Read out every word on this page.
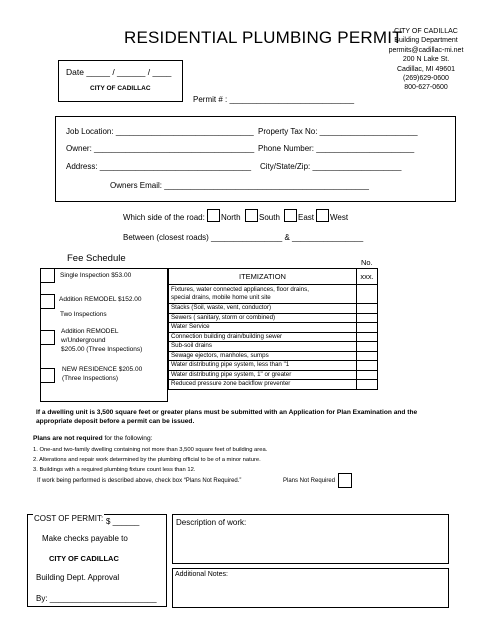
RESIDENTIAL PLUMBING PERMIT
CITY OF CADILLAC
Building Department
permits@cadillac-mi.net
200 N Lake St.
Cadillac, MI 49601
(269)629-0600
800-627-0600
Date _____ / ______ / ____
CITY OF CADILLAC
Permit # : ____________________________
Job Location: _______________________________ Property Tax No: ______________________
Owner: ____________________________________ Phone Number: ______________________
Address: __________________________________ City/State/Zip: ____________________
Owners Email: ______________________________________________
Which side of the road: North South East West
Between (closest roads) ________________ & ________________
Fee Schedule	No.
Single Inspection $53.00
Addition REMODEL $152.00
Two Inspections
Addition REMODEL
w/Underground
$205.00 (Three Inspections)
NEW RESIDENCE $205.00
(Three Inspections)
ITEMIZATION	xxx.

Fixtures, water connected appliances, floor drains,
special drains, mobile home unit site	

Stacks (Soil, waste, vent, conductor)	
Sewers ( sanitary, storm or combined)	
Water Service	
Connection building drain/building sewer	
Sub-soil drains	
Sewage ejectors, manholes, sumps	
Water distributing pipe system, less than "1	
Water distributing pipe system, 1" or greater	
Reduced pressure zone backflow preventer	
If a dwelling unit is 3,500 square feet or greater plans must be submitted with an Application for Plan Examination and the appropriate deposit before a permit can be issued.
Plans are not required for the following:
1. One-and two-family dwelling containing not more than 3,500 square feet of building area.
2. Alterations and repair work determined by the plumbing official to be of a minor nature.
3. Buildings with a required plumbing fixture count less than 12.
If work being performed is described above, check box “Plans Not Required.”	Plans Not Required
COST OF PERMIT: $ ______
Make checks payable to
CITY OF CADILLAC
Building Dept. Approval
By: ________________________
Description of work:
Additional Notes:
